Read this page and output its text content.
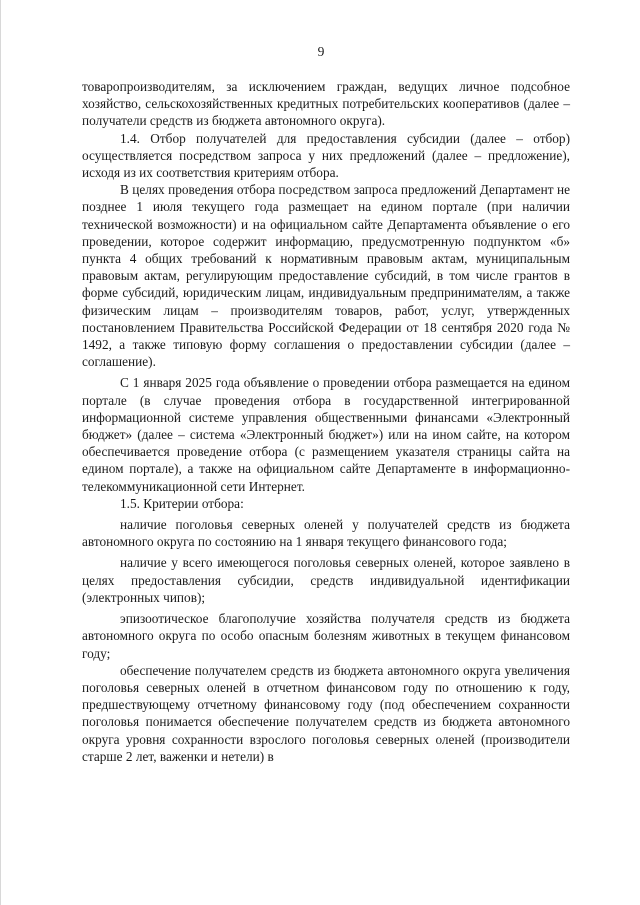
9

товаропроизводителям, за исключением граждан, ведущих личное подсобное хозяйство, сельскохозяйственных кредитных потребительских кооперативов (далее – получатели средств из бюджета автономного округа).

1.4. Отбор получателей для предоставления субсидии (далее – отбор) осуществляется посредством запроса у них предложений (далее – предложение), исходя из их соответствия критериям отбора.

В целях проведения отбора посредством запроса предложений Департамент не позднее 1 июля текущего года размещает на едином портале (при наличии технической возможности) и на официальном сайте Департамента объявление о его проведении, которое содержит информацию, предусмотренную подпунктом «б» пункта 4 общих требований к нормативным правовым актам, муниципальным правовым актам, регулирующим предоставление субсидий, в том числе грантов в форме субсидий, юридическим лицам, индивидуальным предпринимателям, а также физическим лицам – производителям товаров, работ, услуг, утвержденных постановлением Правительства Российской Федерации от 18 сентября 2020 года № 1492, а также типовую форму соглашения о предоставлении субсидии (далее – соглашение).

С 1 января 2025 года объявление о проведении отбора размещается на едином портале (в случае проведения отбора в государственной интегрированной информационной системе управления общественными финансами «Электронный бюджет» (далее – система «Электронный бюджет») или на ином сайте, на котором обеспечивается проведение отбора (с размещением указателя страницы сайта на едином портале), а также на официальном сайте Департаменте в информационно-телекоммуникационной сети Интернет.

1.5. Критерии отбора:

наличие поголовья северных оленей у получателей средств из бюджета автономного округа по состоянию на 1 января текущего финансового года;

наличие у всего имеющегося поголовья северных оленей, которое заявлено в целях предоставления субсидии, средств индивидуальной идентификации (электронных чипов);

эпизоотическое благополучие хозяйства получателя средств из бюджета автономного округа по особо опасным болезням животных в текущем финансовом году;

обеспечение получателем средств из бюджета автономного округа увеличения поголовья северных оленей в отчетном финансовом году по отношению к году, предшествующему отчетному финансовому году (под обеспечением сохранности поголовья понимается обеспечение получателем средств из бюджета автономного округа уровня сохранности взрослого поголовья северных оленей (производители старше 2 лет, важенки и нетели) в
